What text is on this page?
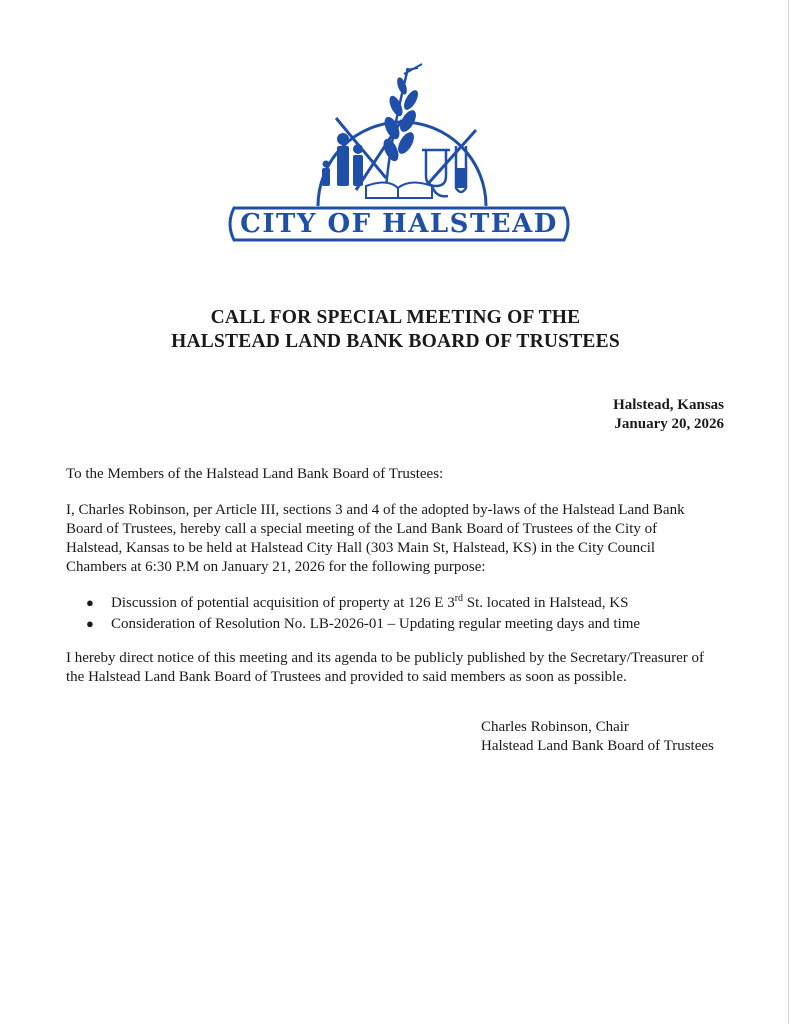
CITY OF HALSTEAD
CALL FOR SPECIAL MEETING OF THE
HALSTEAD LAND BANK BOARD OF TRUSTEES
Halstead, Kansas
January 20, 2026
To the Members of the Halstead Land Bank Board of Trustees:
I, Charles Robinson, per Article III, sections 3 and 4 of the adopted by-laws of the Halstead Land Bank
Board of Trustees, hereby call a special meeting of the Land Bank Board of Trustees of the City of
Halstead, Kansas to be held at Halstead City Hall (303 Main St, Halstead, KS) in the City Council
Chambers at 6:30 P.M on January 21, 2026 for the following purpose:
●	Discussion of potential acquisition of property at 126 E 3rd St. located in Halstead, KS
●	Consideration of Resolution No. LB-2026-01 – Updating regular meeting days and time
I hereby direct notice of this meeting and its agenda to be publicly published by the Secretary/Treasurer of
the Halstead Land Bank Board of Trustees and provided to said members as soon as possible.
Charles Robinson, Chair
Halstead Land Bank Board of Trustees
